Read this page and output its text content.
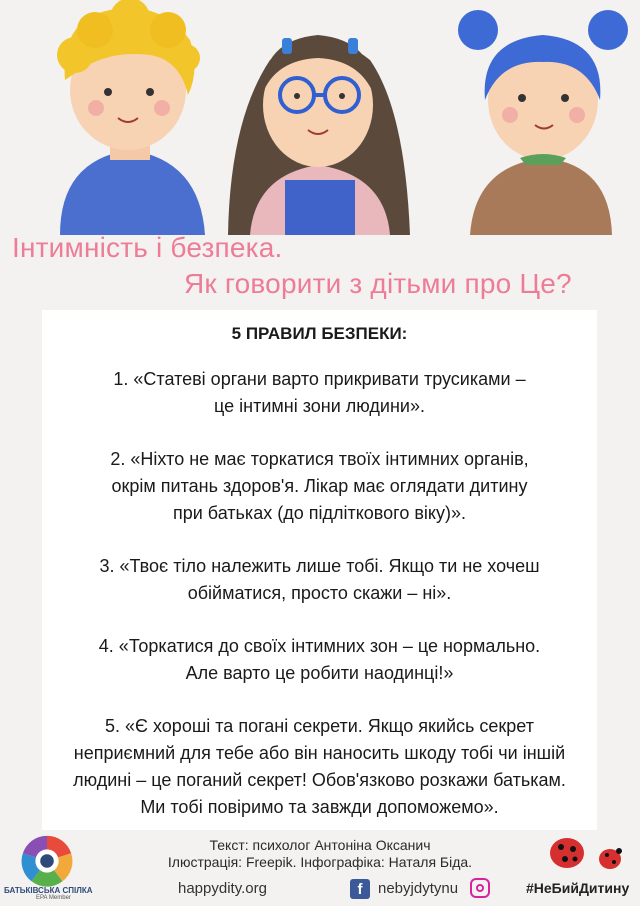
Інтимність і безпека.
Як говорити з дітьми про Це?
5 ПРАВИЛ БЕЗПЕКИ:
1. «Статеві органи варто прикривати трусиками –
це інтимні зони людини».
2. «Ніхто не має торкатися твоїх інтимних органів,
окрім питань здоров'я. Лікар має оглядати дитину
при батьках (до підліткового віку)».
3. «Твоє тіло належить лише тобі. Якщо ти не хочеш
обійматися, просто скажи – ні».
4. «Торкатися до своїх інтимних зон – це нормально.
Але варто це робити наодинці!»
5. «Є хороші та погані секрети. Якщо якийсь секрет
неприємний для тебе або він наносить шкоду тобі чи іншій
людині – це поганий секрет! Обов'язково розкажи батькам.
Ми тобі повіримо та завжди допоможемо».
Текст: психолог Антоніна Оксанич
Ілюстрація: Freepik. Інфографіка: Наталя Біда.
БАТЬКІВСЬКА СПІЛКА
EPA Member
happydity.org	f	nebyjdytynu	#НеБийДитину
